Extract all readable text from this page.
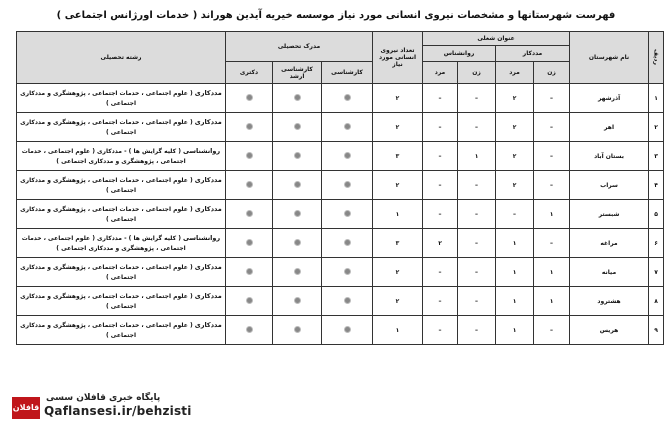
فهرست شهرستانها و مشخصات نیروی انسانی مورد نیاز موسسه خیریه آیدین هوراند ( خدمات اورژانس اجتماعی )
ردیف	نام شهرستان	عنوان شغلی				تعداد نیروی انسانی مورد نیاز	مدرک تحصیلی			رشته تحصیلی
		مددکار		روانشناس						
		زن	مرد	زن	مرد		کارشناسی	کارشناسی ارشد	دکتری	
۱	آذرشهر	–	۲	–	–	۲				مددکاری ( علوم اجتماعی ، خدمات اجتماعی ، پژوهشگری و مددکاری اجتماعی )
۲	اهر	–	۲	–	–	۲				مددکاری ( علوم اجتماعی ، خدمات اجتماعی ، پژوهشگری و مددکاری اجتماعی )
۳	بستان آباد	–	۲	۱	–	۳				روانشناسی ( کلیه گرایش ها ) - مددکاری ( علوم اجتماعی ، خدمات اجتماعی ، پژوهشگری و مددکاری اجتماعی )
۴	سراب	–	۲	–	–	۲				مددکاری ( علوم اجتماعی ، خدمات اجتماعی ، پژوهشگری و مددکاری اجتماعی )
۵	شبستر	۱	–	–	–	۱				مددکاری ( علوم اجتماعی ، خدمات اجتماعی ، پژوهشگری و مددکاری اجتماعی )
۶	مراغه	–	۱	–	۲	۳				روانشناسی ( کلیه گرایش ها ) - مددکاری ( علوم اجتماعی ، خدمات اجتماعی ، پژوهشگری و مددکاری اجتماعی )
۷	میانه	۱	۱	–	–	۲				مددکاری ( علوم اجتماعی ، خدمات اجتماعی ، پژوهشگری و مددکاری اجتماعی )
۸	هشترود	۱	۱	–	–	۲				مددکاری ( علوم اجتماعی ، خدمات اجتماعی ، پژوهشگری و مددکاری اجتماعی )
۹	هریس	–	۱	–	–	۱				مددکاری ( علوم اجتماعی ، خدمات اجتماعی ، پژوهشگری و مددکاری اجتماعی )
قافلان
پایگاه خبری قافلان سسی
Qaflansesi.ir/behzisti
